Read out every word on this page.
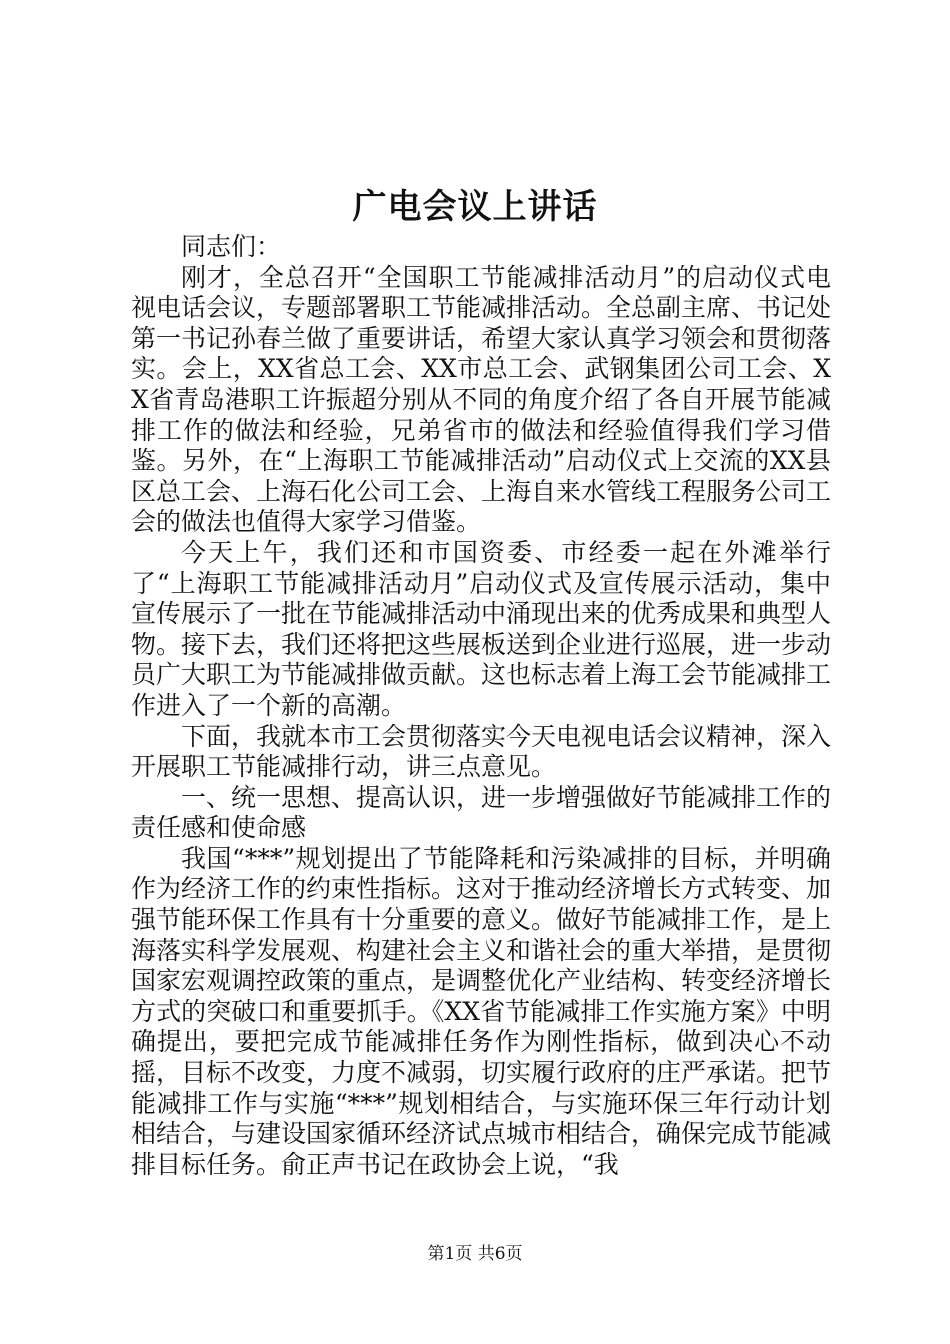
广电会议上讲话

同志们：

刚才，全总召开“全国职工节能减排活动月”的启动仪式电视电话会议，专题部署职工节能减排活动。全总副主席、书记处第一书记孙春兰做了重要讲话，希望大家认真学习领会和贯彻落实。会上，XX省总工会、XX市总工会、武钢集团公司工会、XX省青岛港职工许振超分别从不同的角度介绍了各自开展节能减排工作的做法和经验，兄弟省市的做法和经验值得我们学习借鉴。另外，在“上海职工节能减排活动”启动仪式上交流的XX县区总工会、上海石化公司工会、上海自来水管线工程服务公司工会的做法也值得大家学习借鉴。

今天上午，我们还和市国资委、市经委一起在外滩举行了“上海职工节能减排活动月”启动仪式及宣传展示活动，集中宣传展示了一批在节能减排活动中涌现出来的优秀成果和典型人物。接下去，我们还将把这些展板送到企业进行巡展，进一步动员广大职工为节能减排做贡献。这也标志着上海工会节能减排工作进入了一个新的高潮。

下面，我就本市工会贯彻落实今天电视电话会议精神，深入开展职工节能减排行动，讲三点意见。

一、统一思想、提高认识，进一步增强做好节能减排工作的责任感和使命感

我国“***”规划提出了节能降耗和污染减排的目标，并明确作为经济工作的约束性指标。这对于推动经济增长方式转变、加强节能环保工作具有十分重要的意义。做好节能减排工作，是上海落实科学发展观、构建社会主义和谐社会的重大举措，是贯彻国家宏观调控政策的重点，是调整优化产业结构、转变经济增长方式的突破口和重要抓手。《XX省节能减排工作实施方案》中明确提出，要把完成节能减排任务作为刚性指标，做到决心不动摇，目标不改变，力度不减弱，切实履行政府的庄严承诺。把节能减排工作与实施“***”规划相结合，与实施环保三年行动计划相结合，与建设国家循环经济试点城市相结合，确保完成节能减排目标任务。俞正声书记在政协会上说，“我

第1页 共6页
